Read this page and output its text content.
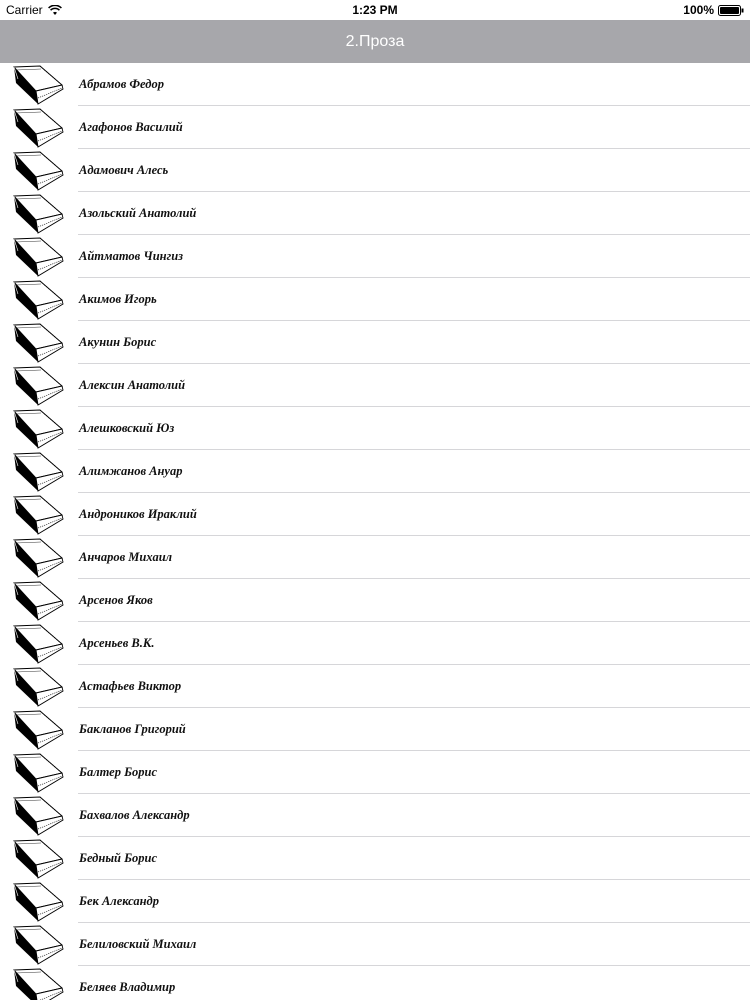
Carrier	1:23 PM	100%
2.Проза
Абрамов Федор
Агафонов Василий
Адамович Алесь
Азольский Анатолий
Айтматов Чингиз
Акимов Игорь
Акунин Борис
Алексин Анатолий
Алешковский Юз
Алимжанов Ануар
Андроников Ираклий
Анчаров Михаил
Арсенов Яков
Арсеньев В.К.
Астафьев Виктор
Бакланов Григорий
Балтер Борис
Бахвалов Александр
Бедный Борис
Бек Александр
Белиловский Михаил
Беляев Владимир
